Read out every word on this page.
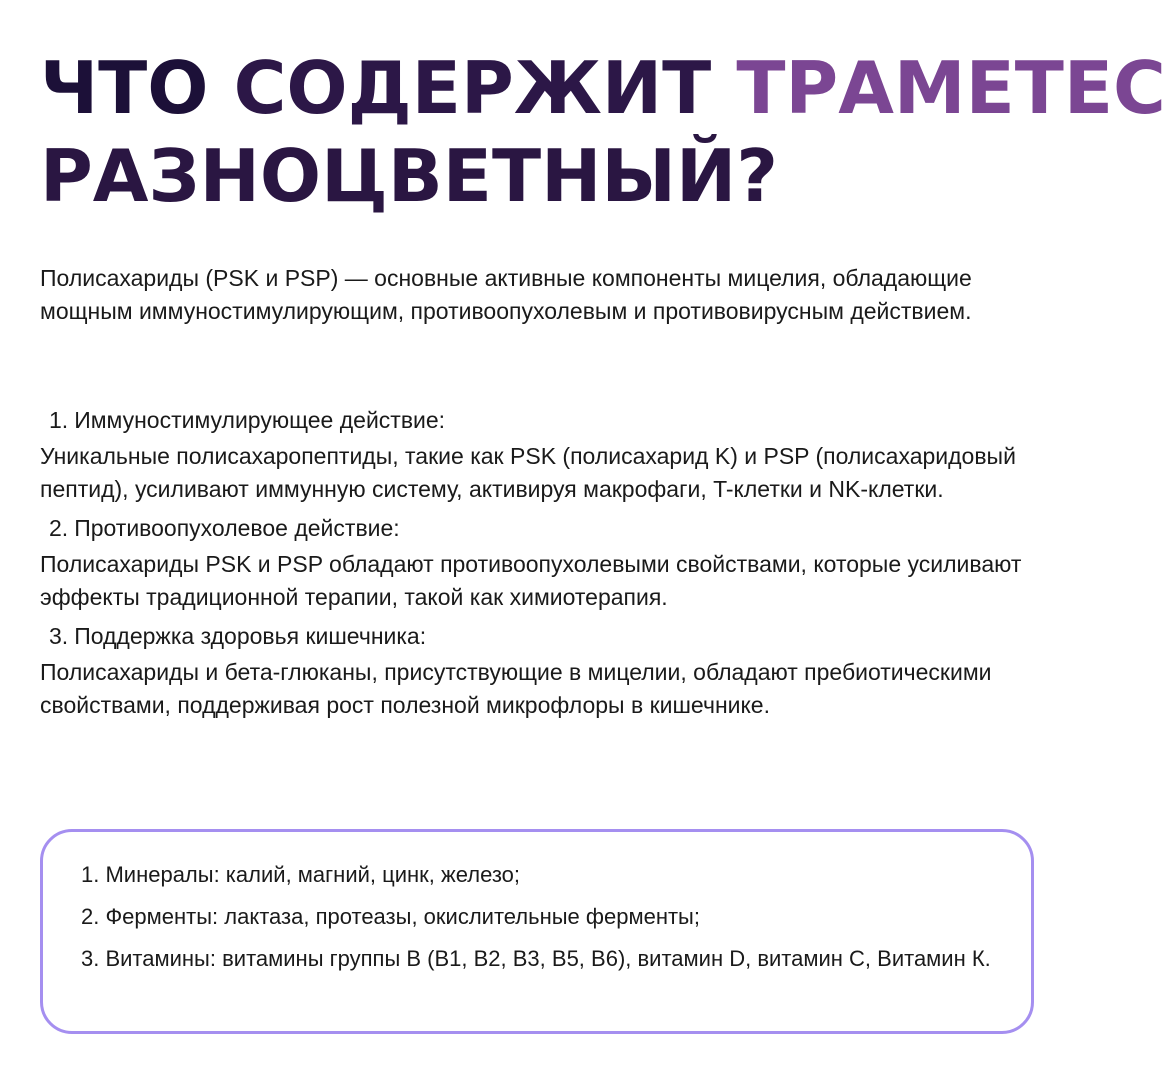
ЧТО СОДЕРЖИТ ТРАМЕТЕС
РАЗНОЦВЕТНЫЙ?

Полисахариды (PSK и PSP) — основные активные компоненты мицелия, обладающие мощным иммуностимулирующим, противоопухолевым и противовирусным действием.

1. Иммуностимулирующее действие:

Уникальные полисахаропептиды, такие как PSK (полисахарид K) и PSP (полисахаридовый пептид), усиливают иммунную систему, активируя макрофаги, T-клетки и NK-клетки.

2. Противоопухолевое действие:

Полисахариды PSK и PSP обладают противоопухолевыми свойствами, которые усиливают эффекты традиционной терапии, такой как химиотерапия.

3. Поддержка здоровья кишечника:

Полисахариды и бета-глюканы, присутствующие в мицелии, обладают пребиотическими свойствами, поддерживая рост полезной микрофлоры в кишечнике.

1. Минералы: калий, магний, цинк, железо;
2. Ферменты: лактаза, протеазы, окислительные ферменты;
3. Витамины: витамины группы В (В1, В2, В3, В5, В6), витамин D, витамин С, Витамин К.
